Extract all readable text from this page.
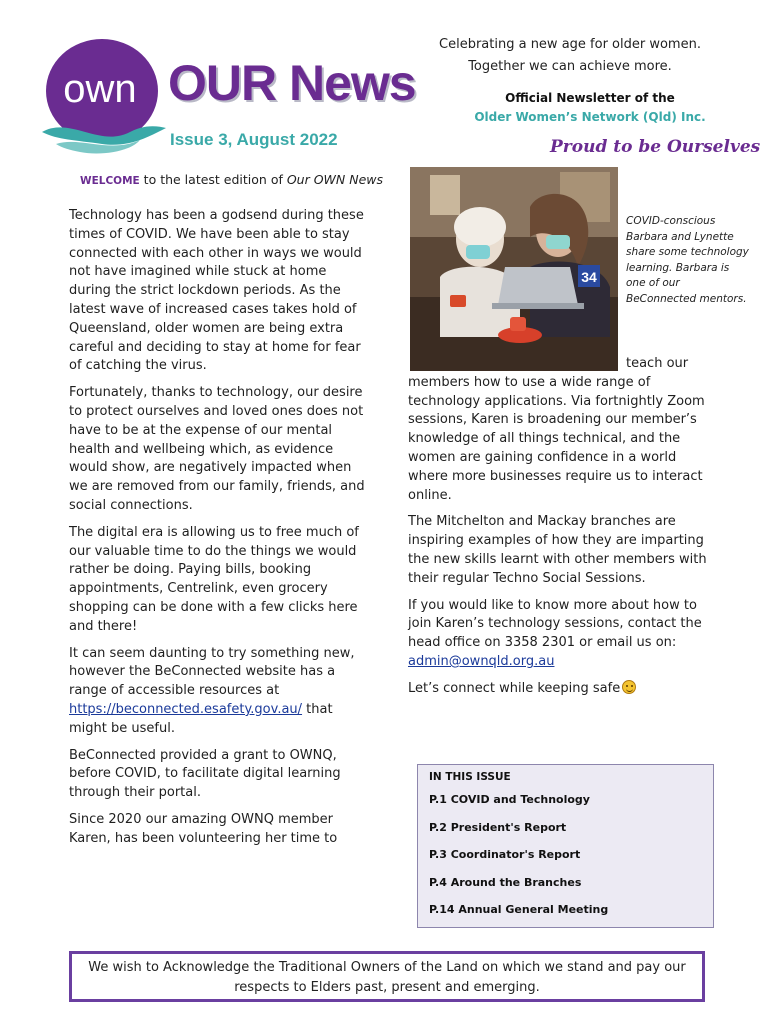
own OUR News
Issue 3, August 2022
Celebrating a new age for older women.
Together we can achieve more.
Official Newsletter of the
Older Women’s Network (Qld) Inc.
Proud to be Ourselves
WELCOME to the latest edition of Our OWN News

Technology has been a godsend during these times of COVID. We have been able to stay connected with each other in ways we would not have imagined while stuck at home during the strict lockdown periods. As the latest wave of increased cases takes hold of Queensland, older women are being extra careful and deciding to stay at home for fear of catching the virus.

Fortunately, thanks to technology, our desire to protect ourselves and loved ones does not have to be at the expense of our mental health and wellbeing which, as evidence would show, are negatively impacted when we are removed from our family, friends, and social connections.

The digital era is allowing us to free much of our valuable time to do the things we would rather be doing. Paying bills, booking appointments, Centrelink, even grocery shopping can be done with a few clicks here and there!

It can seem daunting to try something new, however the BeConnected website has a range of accessible resources at https://beconnected.esafety.gov.au/ that might be useful.

BeConnected provided a grant to OWNQ, before COVID, to facilitate digital learning through their portal.

Since 2020 our amazing OWNQ member Karen, has been volunteering her time to

34
COVID-conscious Barbara and Lynette share some technology learning. Barbara is one of our BeConnected mentors.

teach our

members how to use a wide range of technology applications. Via fortnightly Zoom sessions, Karen is broadening our member’s knowledge of all things technical, and the women are gaining confidence in a world where more businesses require us to interact online.

The Mitchelton and Mackay branches are inspiring examples of how they are imparting the new skills learnt with other members with their regular Techno Social Sessions.

If you would like to know more about how to join Karen’s technology sessions, contact the head office on 3358 2301 or email us on: admin@ownqld.org.au

Let’s connect while keeping safe

IN THIS ISSUE
P.1 COVID and Technology
P.2 President's Report
P.3 Coordinator's Report
P.4 Around the Branches
P.14 Annual General Meeting
We wish to Acknowledge the Traditional Owners of the Land on which we stand and pay our respects to Elders past, present and emerging.
